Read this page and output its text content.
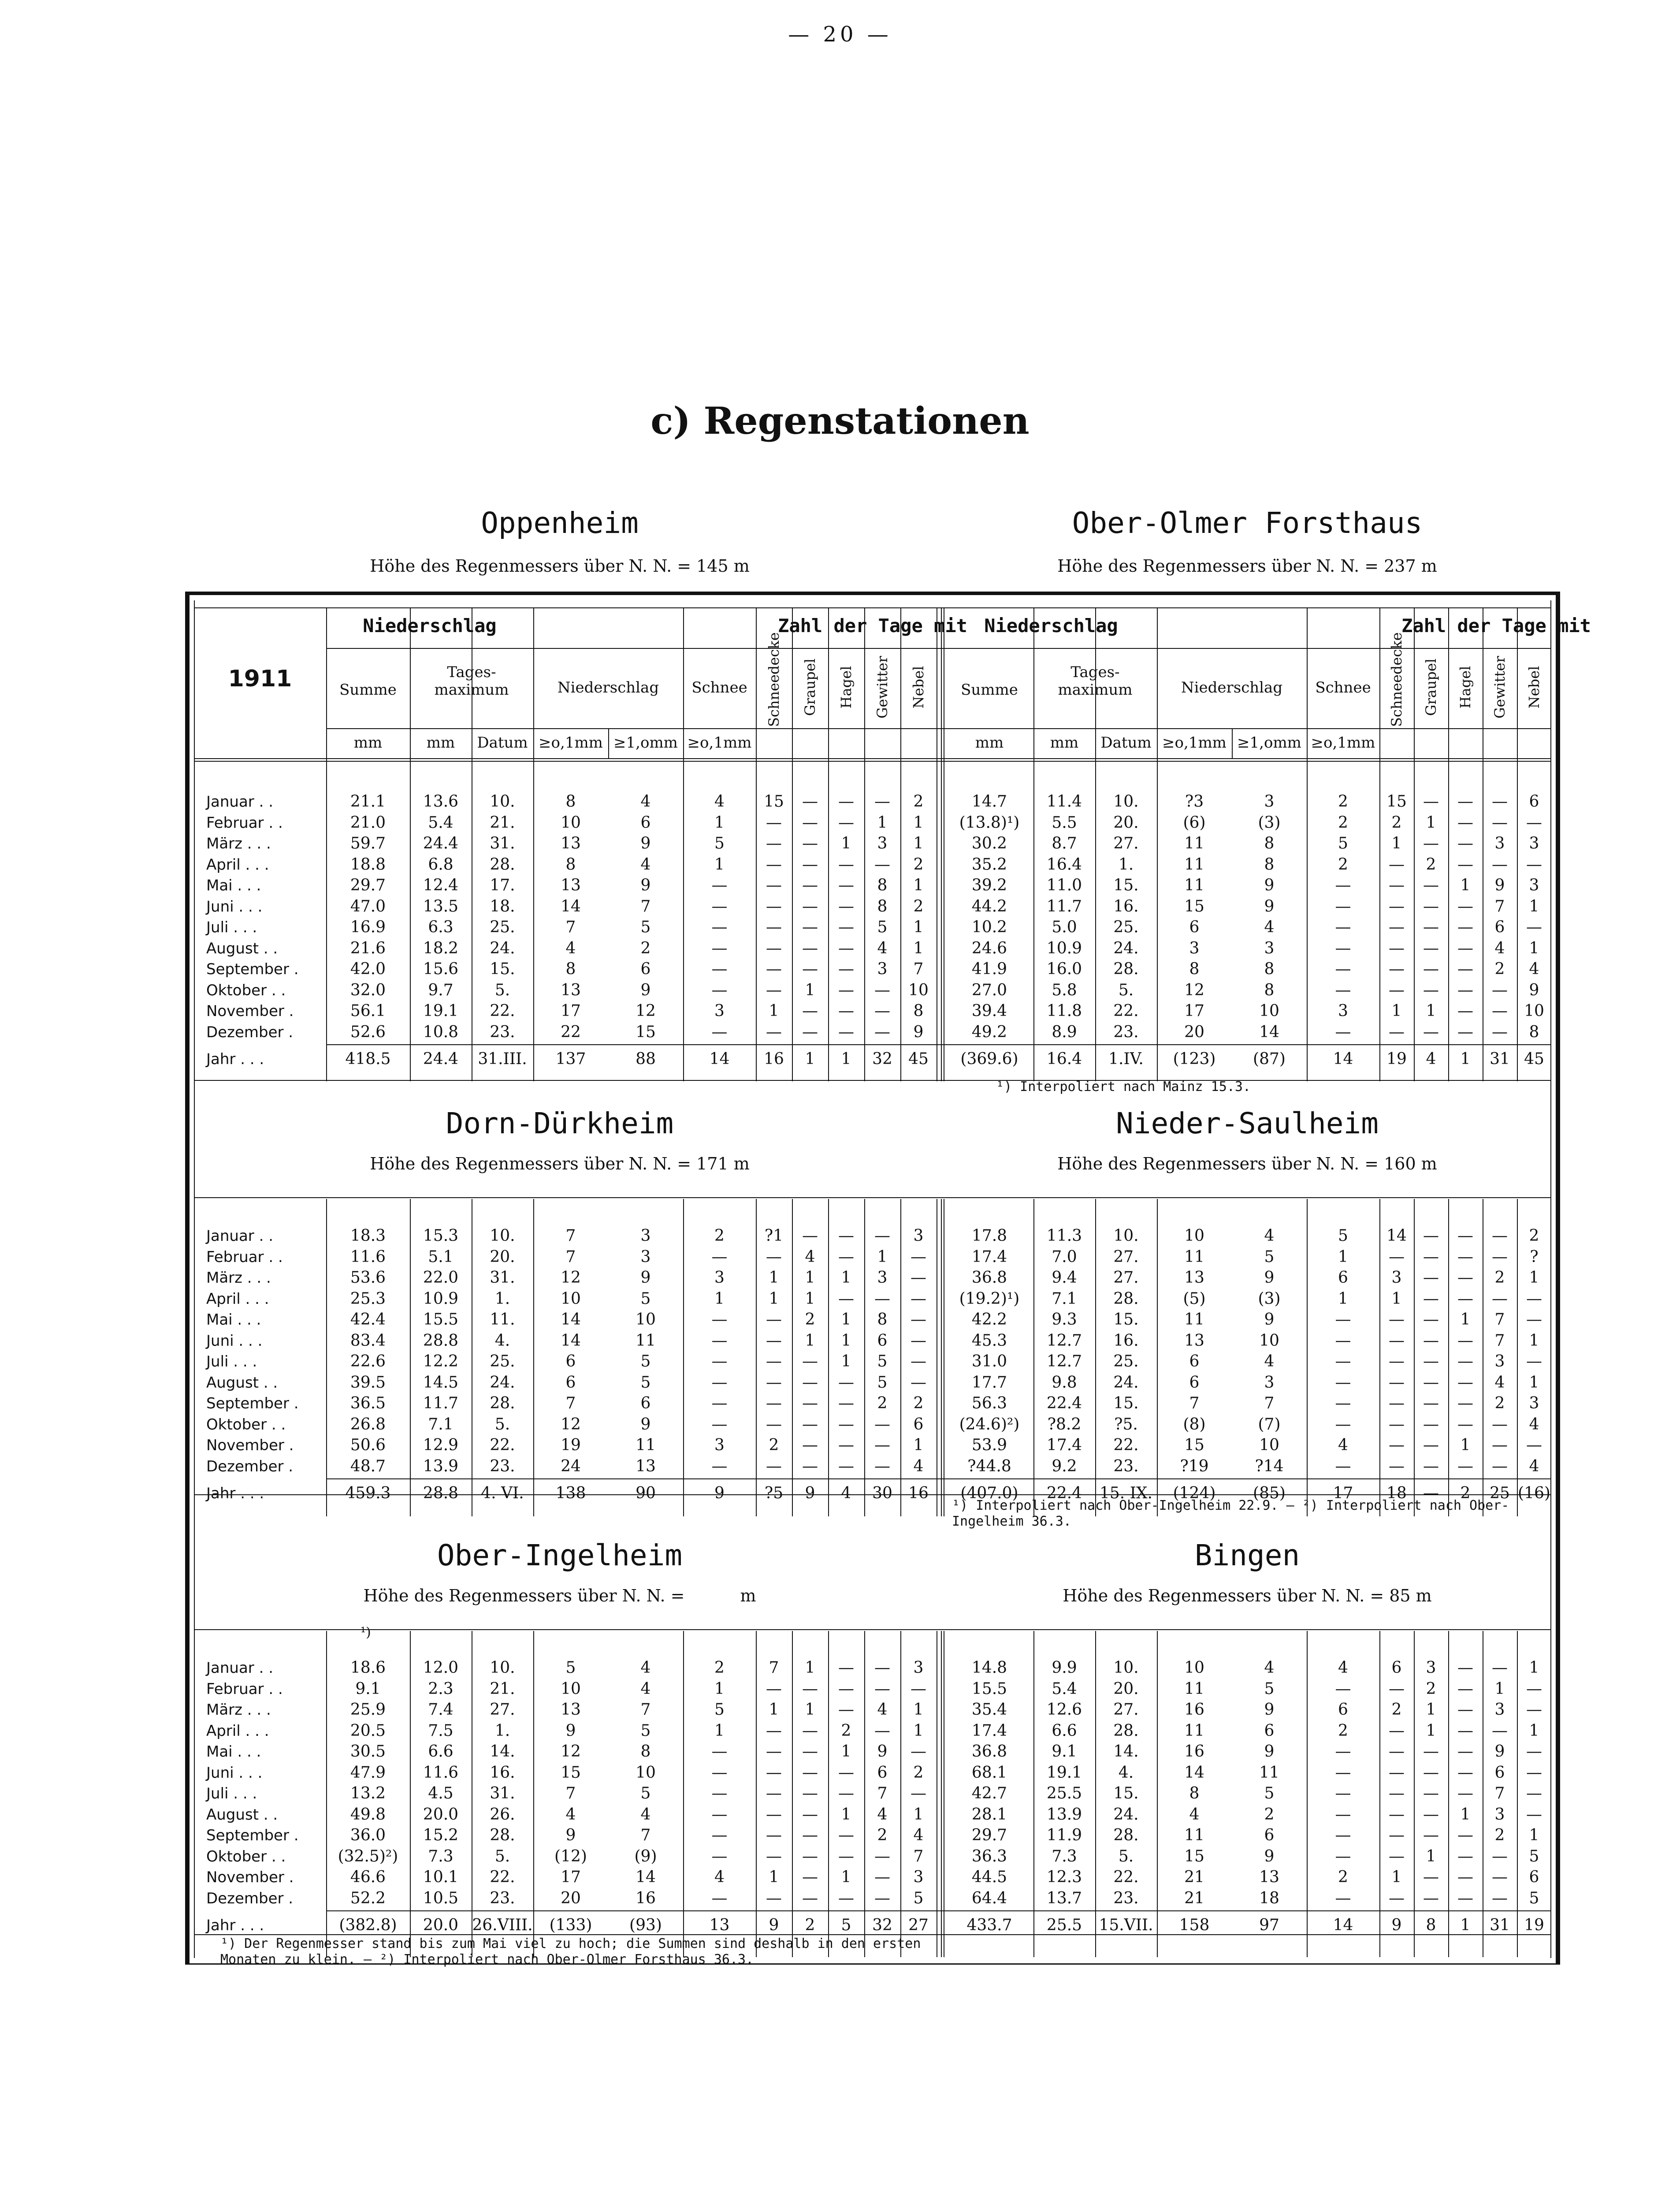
— 20 —
c) Regenstationen
Oppenheim
Höhe des Regenmessers über N. N. = 145 m
Ober-Olmer Forsthaus
Höhe des Regenmessers über N. N. = 237 m
1911
Niederschlag	Zahl der Tage mit
Summe
Tages-maximum	Niederschlag	Schnee	Schneedecke Graupel Hagel Gewitter Nebel
mm	mm	Datum ≥o,1mm ≥1,omm ≥o,1mm
Niederschlag	Zahl der Tage mit
Summe
Tages-maximum	Niederschlag	Schnee	Schneedecke Graupel Hagel Gewitter Nebel
mm	mm	Datum ≥o,1mm ≥1,omm ≥o,1mm
Januar . .	21.1	13.6	10.	8	4	4	15	—	—	—	2	14.7	11.4	10.	?3	3	2	15	—	—	—	6
Februar . .	21.0	5.4	21.	10	6	1	—	—	—	1	1	(13.8)¹)	5.5	20.	(6)	(3)	2	2	1	—	—	—
März . . .	59.7	24.4	31.	13	9	5	—	—	1	3	1	30.2	8.7	27.	11	8	5	1	—	—	3	3
April . . .	18.8	6.8	28.	8	4	1	—	—	—	—	2	35.2	16.4	1.	11	8	2	—	2	—	—	—
Mai . . .	29.7	12.4	17.	13	9	—	—	—	—	8	1	39.2	11.0	15.	11	9	—	—	—	1	9	3
Juni . . .	47.0	13.5	18.	14	7	—	—	—	—	8	2	44.2	11.7	16.	15	9	—	—	—	—	7	1
Juli . . .	16.9	6.3	25.	7	5	—	—	—	—	5	1	10.2	5.0	25.	6	4	—	—	—	—	6	—
August . .	21.6	18.2	24.	4	2	—	—	—	—	4	1	24.6	10.9	24.	3	3	—	—	—	—	4	1
September .	42.0	15.6	15.	8	6	—	—	—	—	3	7	41.9	16.0	28.	8	8	—	—	—	—	2	4
Oktober . .	32.0	9.7	5.	13	9	—	—	1	—	—	10	27.0	5.8	5.	12	8	—	—	—	—	—	9
November .	56.1	19.1	22.	17	12	3	1	—	—	—	8	39.4	11.8	22.	17	10	3	1	1	—	—	10
Dezember .	52.6	10.8	23.	22	15	—	—	—	—	—	9	49.2	8.9	23.	20	14	—	—	—	—	—	8
Jahr . . .	418.5	24.4	31.III.	137	88	14	16	1	1	32	45	(369.6)	16.4	1.IV.	(123)	(87)	14	19	4	1	31 45
Januar . .	18.3	15.3	10.	7	3	2	?1	—	—	—	3	17.8	11.3	10.	10	4	5	14	—	—	—	2
Februar . .	11.6	5.1	20.	7	3	—	—	4	—	1	—	17.4	7.0	27.	11	5	1	—	—	—	—	?
März . . .	53.6	22.0	31.	12	9	3	1	1	1	3	—	36.8	9.4	27.	13	9	6	3	—	—	2	1
April . . .	25.3	10.9	1.	10	5	1	1	1	—	—	—	(19.2)¹)	7.1	28.	(5)	(3)	1	1	—	—	—	—
Mai . . .	42.4	15.5	11.	14	10	—	—	2	1	8	—	42.2	9.3	15.	11	9	—	—	—	1	7	—
Juni . . .	83.4	28.8	4.	14	11	—	—	1	1	6	—	45.3	12.7	16.	13	10	—	—	—	—	7	1
Juli . . .	22.6	12.2	25.	6	5	—	—	—	1	5	—	31.0	12.7	25.	6	4	—	—	—	—	3	—
August . .	39.5	14.5	24.	6	5	—	—	—	—	5	—	17.7	9.8	24.	6	3	—	—	—	—	4	1
September .	36.5	11.7	28.	7	6	—	—	—	—	2	2	56.3	22.4	15.	7	7	—	—	—	—	2	3
Oktober . .	26.8	7.1	5.	12	9	—	—	—	—	—	6	(24.6)²)	?8.2	?5.	(8)	(7)	—	—	—	—	—	4
November .	50.6	12.9	22.	19	11	3	2	—	—	—	1	53.9	17.4	22.	15	10	4	—	—	1	—	—
Dezember .	48.7	13.9	23.	24	13	—	—	—	—	—	4	?44.8	9.2	23.	?19	?14	—	—	—	—	—	4
Jahr . . .	459.3	28.8	4. VI.	138	90	9	?5	9	4	30	16	(407.0)	22.4	15. IX.	(124)	(85)	17	18	—	2	25 (16)
Januar . .	18.6	12.0	10.	5	4	2	7	1	—	—	3	14.8	9.9	10.	10	4	4	6	3	—	—	1
Februar . .	9.1	2.3	21.	10	4	1	—	—	—	—	—	15.5	5.4	20.	11	5	—	—	2	—	1	—
März . . .	25.9	7.4	27.	13	7	5	1	1	—	4	1	35.4	12.6	27.	16	9	6	2	1	—	3	—
April . . .	20.5	7.5	1.	9	5	1	—	—	2	—	1	17.4	6.6	28.	11	6	2	—	1	—	—	1
Mai . . .	30.5	6.6	14.	12	8	—	—	—	1	9	—	36.8	9.1	14.	16	9	—	—	—	—	9	—
Juni . . .	47.9	11.6	16.	15	10	—	—	—	—	6	2	68.1	19.1	4.	14	11	—	—	—	—	6	—
Juli . . .	13.2	4.5	31.	7	5	—	—	—	—	7	—	42.7	25.5	15.	8	5	—	—	—	—	7	—
August . .	49.8	20.0	26.	4	4	—	—	—	1	4	1	28.1	13.9	24.	4	2	—	—	—	1	3	—
September .	36.0	15.2	28.	9	7	—	—	—	—	2	4	29.7	11.9	28.	11	6	—	—	—	—	2	1
Oktober . .	(32.5)²)	7.3	5.	(12)	(9)	—	—	—	—	—	7	36.3	7.3	5.	15	9	—	—	1	—	—	5
November .	46.6	10.1	22.	17	14	4	1	—	1	—	3	44.5	12.3	22.	21	13	2	1	—	—	—	6
Dezember .	52.2	10.5	23.	20	16	—	—	—	—	—	5	64.4	13.7	23.	21	18	—	—	—	—	—	5
Jahr . . .	(382.8)	20.0 26.VIII.	(133)	(93)	13	9	2	5	32	27	433.7	25.5	15.VII.	158	97	14	9	8	1	31 19
Dorn-Dürkheim
Höhe des Regenmessers über N. N. = 171 m
Nieder-Saulheim
Höhe des Regenmessers über N. N. = 160 m
Ober-Ingelheim
Höhe des Regenmessers über N. N. =	m
Bingen
Höhe des Regenmessers über N. N. = 85 m
¹) Interpoliert nach Mainz 15.3.
¹) Interpoliert nach Ober-Ingelheim 22.9. — ²) Interpoliert nach Ober-Ingelheim 36.3.
¹) Der Regenmesser stand bis zum Mai viel zu hoch; die Summen sind deshalb in den ersten Monaten zu klein. — ²) Interpoliert nach Ober-Olmer Forsthaus 36.3.
¹)
